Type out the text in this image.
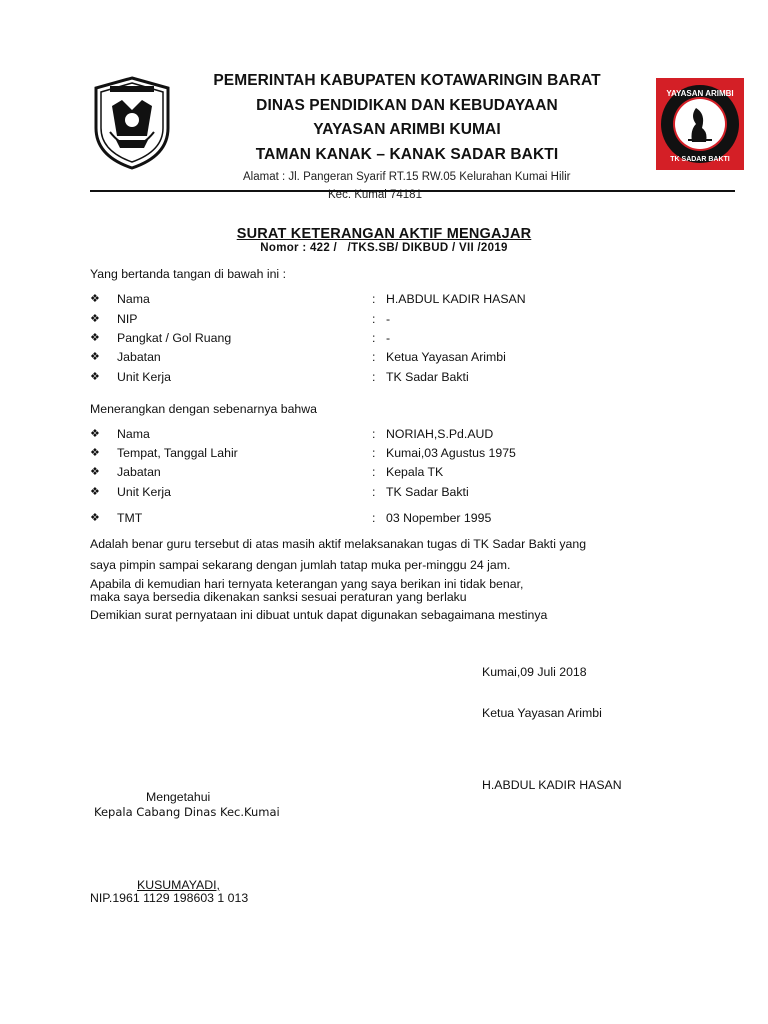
YAYASAN ARIMBI
TK SADAR BAKTI
PEMERINTAH KABUPATEN KOTAWARINGIN BARAT
DINAS PENDIDIKAN DAN KEBUDAYAAN
YAYASAN ARIMBI KUMAI
TAMAN KANAK – KANAK SADAR BAKTI
Alamat : Jl. Pangeran Syarif RT.15 RW.05 Kelurahan Kumai Hilir
Kec. Kumai 74181
SURAT KETERANGAN AKTIF MENGAJAR
Nomor : 422 /   /TKS.SB/ DIKBUD / VII /2019
Yang bertanda tangan di bawah ini :
❖ Nama	: H.ABDUL KADIR HASAN
❖ NIP	: -
❖ Pangkat / Gol Ruang	: -
❖ Jabatan	: Ketua Yayasan Arimbi
❖ Unit Kerja	: TK Sadar Bakti
Menerangkan dengan sebenarnya bahwa
❖ Nama	: NORIAH,S.Pd.AUD
❖ Tempat, Tanggal Lahir	: Kumai,03 Agustus 1975
❖ Jabatan	: Kepala TK
❖ Unit Kerja	: TK Sadar Bakti
❖ TMT	: 03 Nopember 1995
Adalah benar guru tersebut di atas masih aktif melaksanakan tugas di TK Sadar Bakti yang
saya pimpin sampai sekarang dengan jumlah tatap muka per-minggu 24 jam.
Apabila di kemudian hari ternyata keterangan yang saya berikan ini tidak benar,
maka saya bersedia dikenakan sanksi sesuai peraturan yang berlaku
Demikian surat pernyataan ini dibuat untuk dapat digunakan sebagaimana mestinya
Kumai,09 Juli 2018
Ketua Yayasan Arimbi
H.ABDUL KADIR HASAN
Mengetahui
Kepala Cabang Dinas Kec.Kumai
KUSUMAYADI,
NIP.1961 1129 198603 1 013
